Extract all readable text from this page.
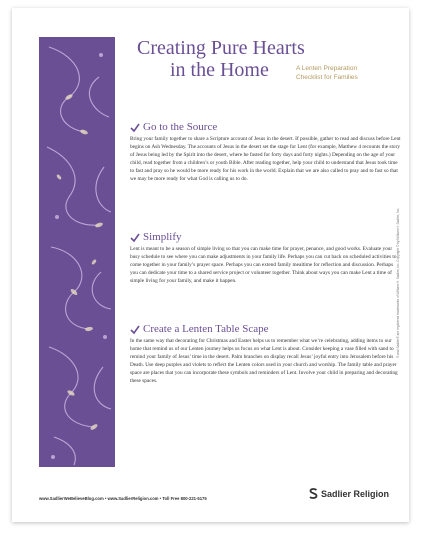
Creating Pure Hearts
in the Home	A Lenten Preparation
Checklist for Families
Go to the Source

Bring your family together to share a Scripture account of Jesus in the desert. If possible, gather to read and discuss before Lent begins on Ash Wednesday. The accounts of Jesus in the desert set the stage for Lent (for example, Matthew 4 recounts the story of Jesus being led by the Spirit into the desert, where he fasted for forty days and forty nights.) Depending on the age of your child, read together from a children’s or youth Bible. After reading together, help your child to understand that Jesus took time to fast and pray so he would be more ready for his work in the world. Explain that we are also called to pray and to fast so that we may be more ready for what God is calling us to do.

Simplify

Lent is meant to be a season of simple living so that you can make time for prayer, penance, and good works. Evaluate your busy schedule to see where you can make adjustments in your family life. Perhaps you can cut back on scheduled activities to come together in your family’s prayer space. Perhaps you can extend family mealtime for reflection and discussion. Perhaps you can dedicate your time to a shared service project or volunteer together. Think about ways you can make Lent a time of simple living for your family, and make it happen.

Create a Lenten Table Scape

In the same way that decorating for Christmas and Easter helps us to remember what we’re celebrating, adding items to our home that remind us of our Lenten journey helps us focus on what Lent is about. Consider keeping a vase filled with sand to remind your family of Jesus’ time in the desert. Palm branches on display recall Jesus’ joyful entry into Jerusalem before his Death. Use deep purples and violets to reflect the Lenten colors used in your church and worship. The family table and prayer space are places that you can incorporate these symbols and reminders of Lent. Involve your child in preparing and decorating these spaces.

® and Sadlier® are registered trademarks of William H. Sadlier, Inc. Copyright © by William H. Sadlier, Inc.
www.SadlierWeBelieveBlog.com • www.SadlierReligion.com • Toll Free 800-221-5175	Sadlier Religion
